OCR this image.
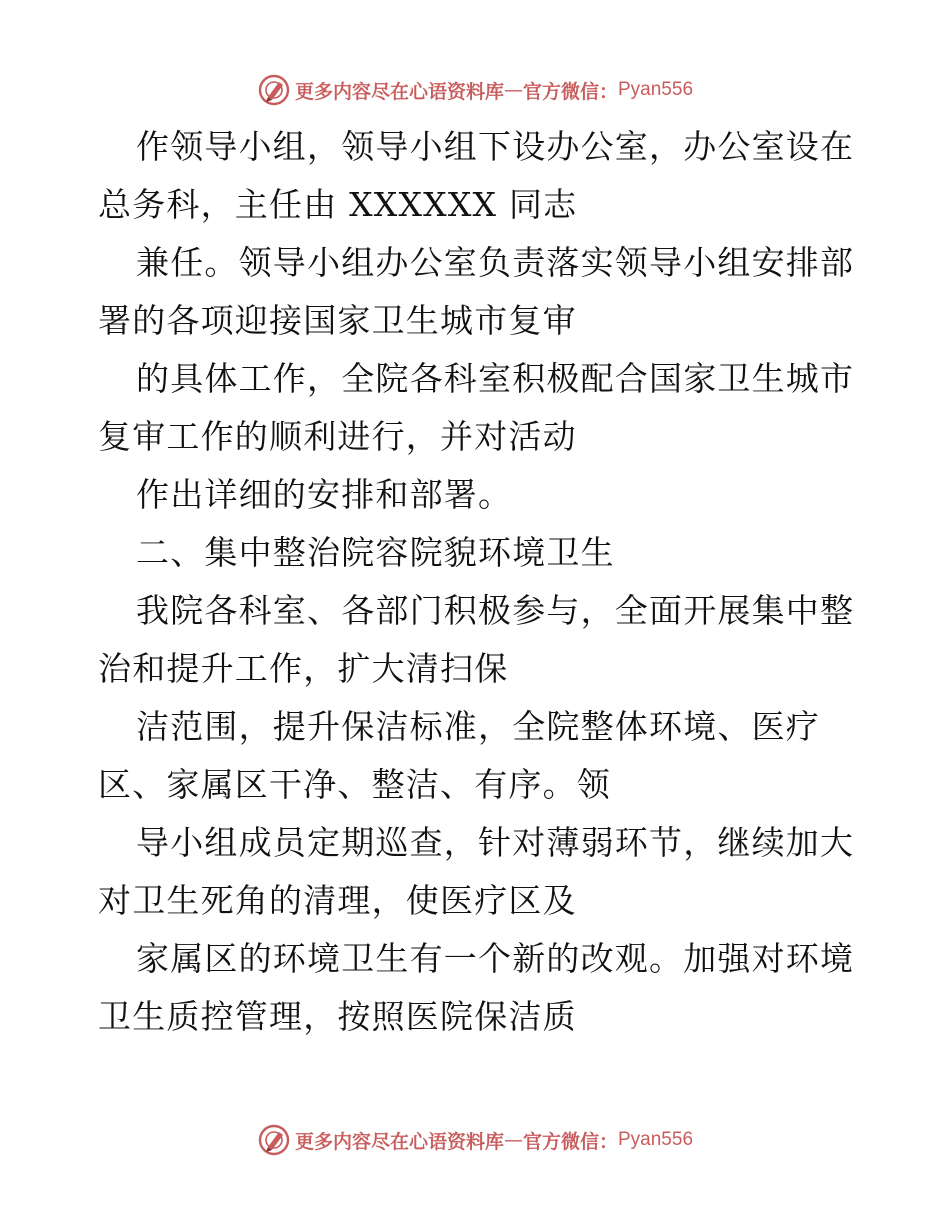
更多内容尽在心语资料库 — 官方微信： Pyan556
作领导小组，领导小组下设办公室，办公室设在
总务科，主任由 XXXXXX 同志
兼任。领导小组办公室负责落实领导小组安排部
署的各项迎接国家卫生城市复审
的具体工作，全院各科室积极配合国家卫生城市
复审工作的顺利进行，并对活动
作出详细的安排和部署。
二、集中整治院容院貌环境卫生
我院各科室、各部门积极参与，全面开展集中整
治和提升工作，扩大清扫保
洁范围，提升保洁标准，全院整体环境、医疗
区、家属区干净、整洁、有序。领
导小组成员定期巡查，针对薄弱环节，继续加大
对卫生死角的清理，使医疗区及
家属区的环境卫生有一个新的改观。加强对环境
卫生质控管理，按照医院保洁质
更多内容尽在心语资料库 — 官方微信： Pyan556
